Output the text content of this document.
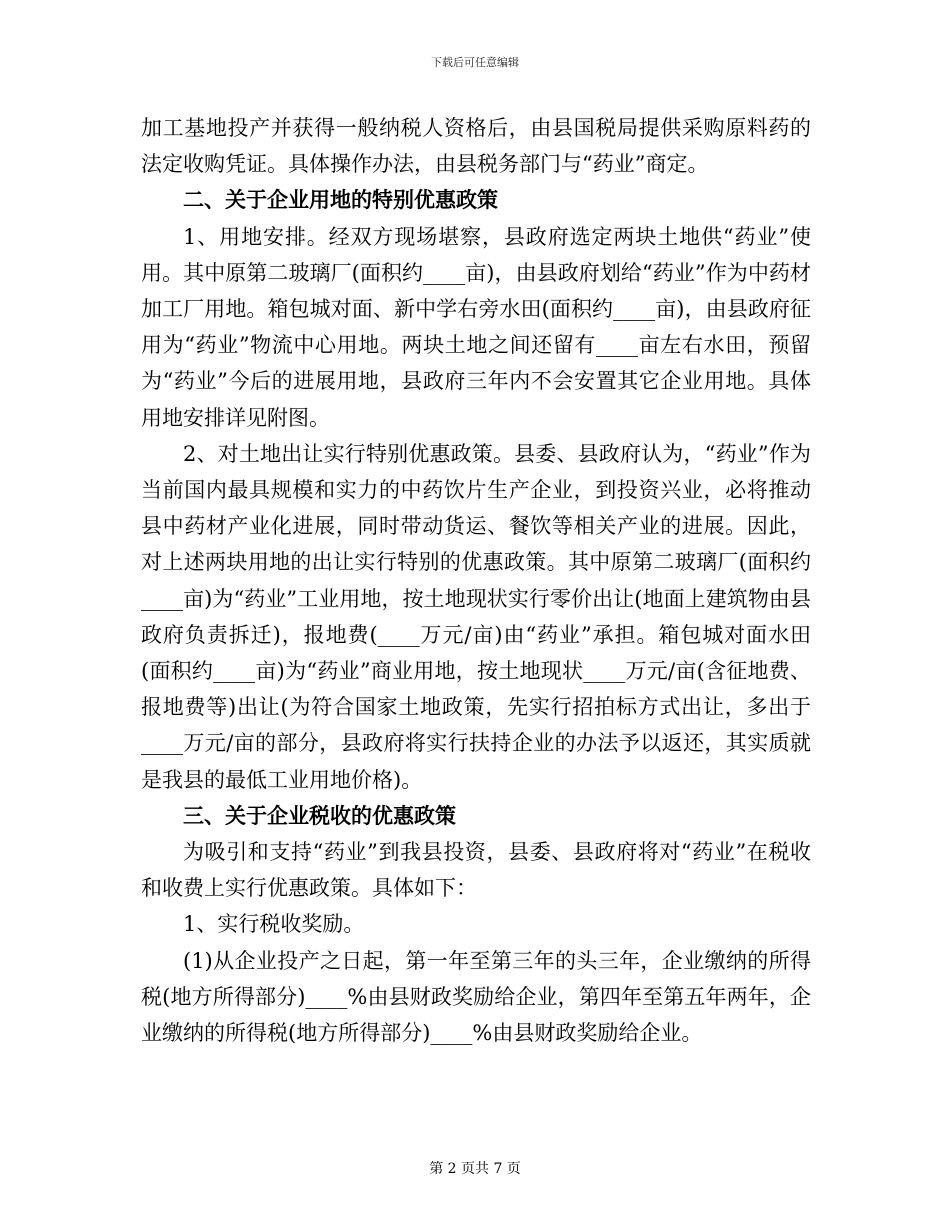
下载后可任意编辑

加工基地投产并获得一般纳税人资格后，由县国税局提供采购原料药的法定收购凭证。具体操作办法，由县税务部门与“药业”商定。

二、关于企业用地的特别优惠政策

1、用地安排。经双方现场堪察，县政府选定两块土地供“药业”使用。其中原第二玻璃厂(面积约____亩)，由县政府划给“药业”作为中药材加工厂用地。箱包城对面、新中学右旁水田(面积约____亩)，由县政府征用为“药业”物流中心用地。两块土地之间还留有____亩左右水田，预留为“药业”今后的进展用地，县政府三年内不会安置其它企业用地。具体用地安排详见附图。

2、对土地出让实行特别优惠政策。县委、县政府认为，“药业”作为当前国内最具规模和实力的中药饮片生产企业，到投资兴业，必将推动县中药材产业化进展，同时带动货运、餐饮等相关产业的进展。因此，对上述两块用地的出让实行特别的优惠政策。其中原第二玻璃厂(面积约____亩)为“药业”工业用地，按土地现状实行零价出让(地面上建筑物由县政府负责拆迁)，报地费(____万元/亩)由“药业”承担。箱包城对面水田(面积约____亩)为“药业”商业用地，按土地现状____万元/亩(含征地费、报地费等)出让(为符合国家土地政策，先实行招拍标方式出让，多出于____万元/亩的部分，县政府将实行扶持企业的办法予以返还，其实质就是我县的最低工业用地价格)。

三、关于企业税收的优惠政策

为吸引和支持“药业”到我县投资，县委、县政府将对“药业”在税收和收费上实行优惠政策。具体如下：

1、实行税收奖励。

(1)从企业投产之日起，第一年至第三年的头三年，企业缴纳的所得税(地方所得部分)____%由县财政奖励给企业，第四年至第五年两年，企业缴纳的所得税(地方所得部分)____%由县财政奖励给企业。

第 2 页共 7 页
